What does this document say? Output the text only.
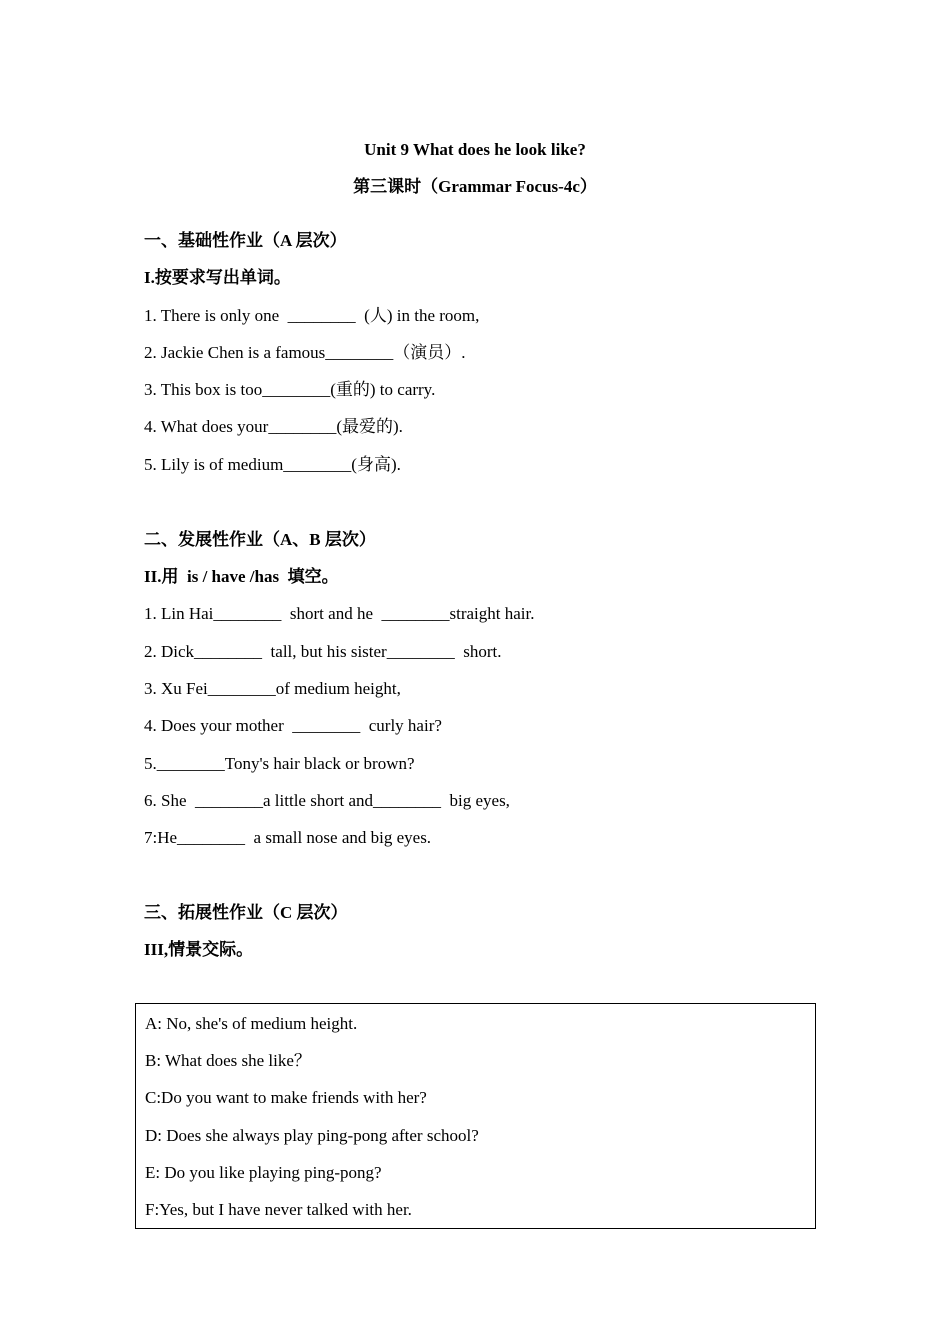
Unit 9 What does he look like?
第三课时（Grammar Focus-4c）
一、基础性作业（A 层次）
I.按要求写出单词。
1. There is only one  ________  (人) in the room,
2. Jackie Chen is a famous________（演员）.
3. This box is too________(重的) to carry.
4. What does your________(最爱的).
5. Lily is of medium________(身高).
二、发展性作业（A、B 层次）
II.用  is / have /has  填空。
1. Lin Hai________  short and he  ________straight hair.
2. Dick________  tall, but his sister________  short.
3. Xu Fei________of medium height,
4. Does your mother  ________  curly hair?
5.________Tony's hair black or brown?
6. She  ________a little short and________  big eyes,
7:He________  a small nose and big eyes.
三、拓展性作业（C 层次）
III,情景交际。
A: No, she's of medium height.
B: What does she like？
C:Do you want to make friends with her?
D: Does she always play ping-pong after school?
E: Do you like playing ping-pong?
F:Yes, but I have never talked with her.
